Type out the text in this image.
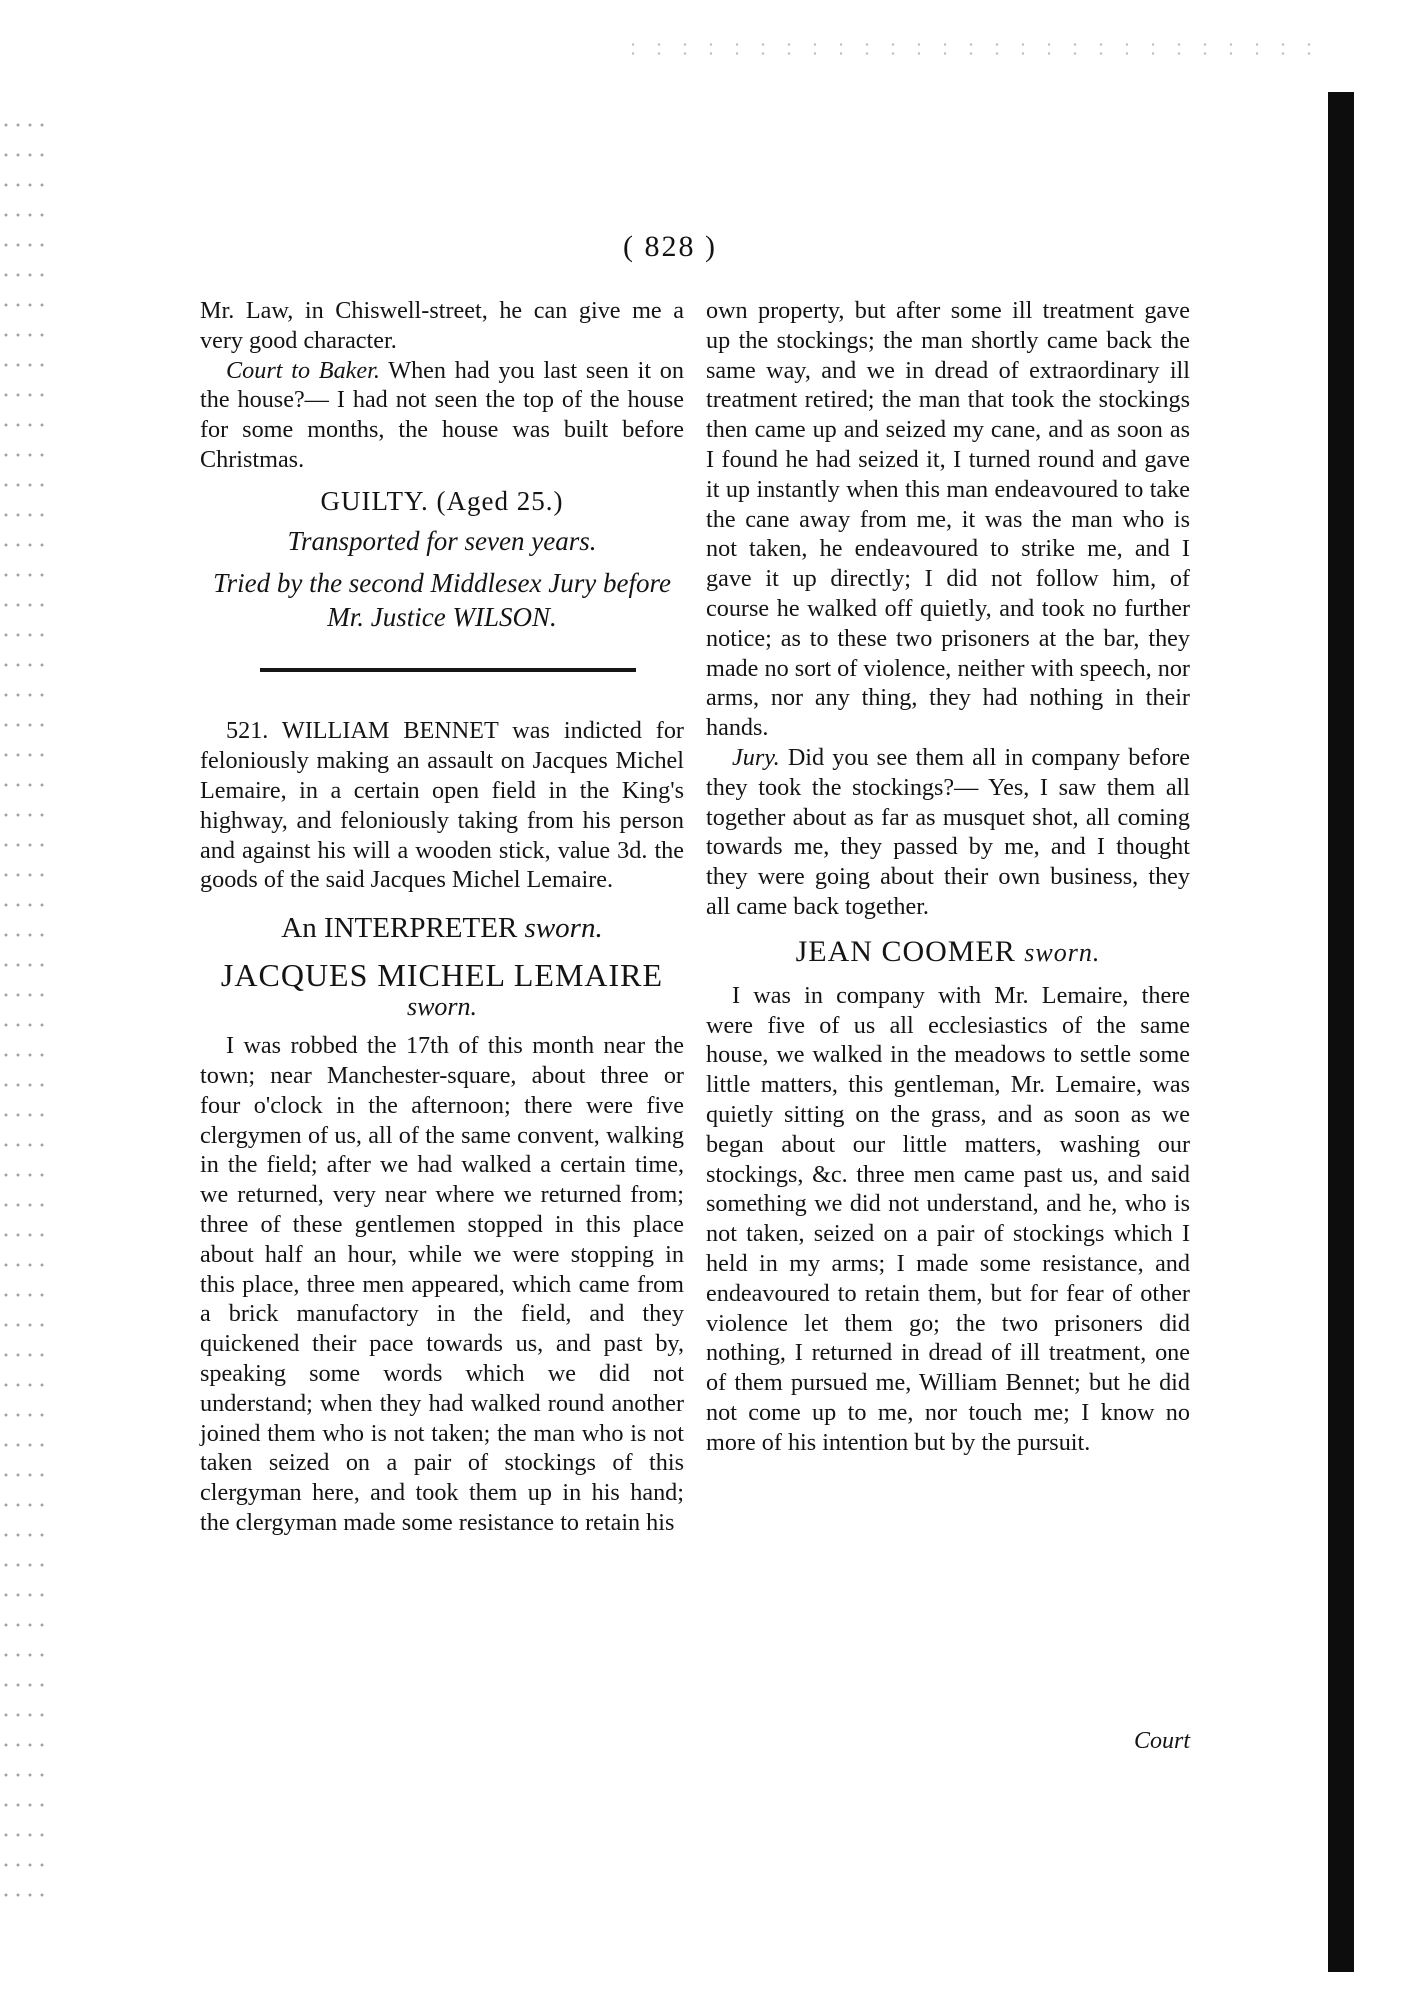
( 828 )

Mr. Law, in Chiswell-street, he can give me a very good character.

Court to Baker. When had you last seen it on the house?— I had not seen the top of the house for some months, the house was built before Christmas.

GUILTY. (Aged 25.)

Transported for seven years.

Tried by the second Middlesex Jury before
Mr. Justice WILSON.

521. WILLIAM BENNET was indicted for feloniously making an assault on Jacques Michel Lemaire, in a certain open field in the King's highway, and feloniously taking from his person and against his will a wooden stick, value 3d. the goods of the said Jacques Michel Lemaire.

An INTERPRETER sworn.

JACQUES MICHEL LEMAIRE

sworn.

I was robbed the 17th of this month near the town; near Manchester-square, about three or four o'clock in the afternoon; there were five clergymen of us, all of the same convent, walking in the field; after we had walked a certain time, we returned, very near where we returned from; three of these gentlemen stopped in this place about half an hour, while we were stopping in this place, three men appeared, which came from a brick manufactory in the field, and they quickened their pace towards us, and past by, speaking some words which we did not understand; when they had walked round another joined them who is not taken; the man who is not taken seized on a pair of stockings of this clergyman here, and took them up in his hand; the clergyman made some resistance to retain his

own property, but after some ill treatment gave up the stockings; the man shortly came back the same way, and we in dread of extraordinary ill treatment retired; the man that took the stockings then came up and seized my cane, and as soon as I found he had seized it, I turned round and gave it up instantly when this man endeavoured to take the cane away from me, it was the man who is not taken, he endeavoured to strike me, and I gave it up directly; I did not follow him, of course he walked off quietly, and took no further notice; as to these two prisoners at the bar, they made no sort of violence, neither with speech, nor arms, nor any thing, they had nothing in their hands.

Jury. Did you see them all in company before they took the stockings?— Yes, I saw them all together about as far as musquet shot, all coming towards me, they passed by me, and I thought they were going about their own business, they all came back together.

JEAN COOMER sworn.

I was in company with Mr. Lemaire, there were five of us all ecclesiastics of the same house, we walked in the meadows to settle some little matters, this gentleman, Mr. Lemaire, was quietly sitting on the grass, and as soon as we began about our little matters, washing our stockings, &c. three men came past us, and said something we did not understand, and he, who is not taken, seized on a pair of stockings which I held in my arms; I made some resistance, and endeavoured to retain them, but for fear of other violence let them go; the two prisoners did nothing, I returned in dread of ill treatment, one of them pursued me, William Bennet; but he did not come up to me, nor touch me; I know no more of his intention but by the pursuit.

Court
